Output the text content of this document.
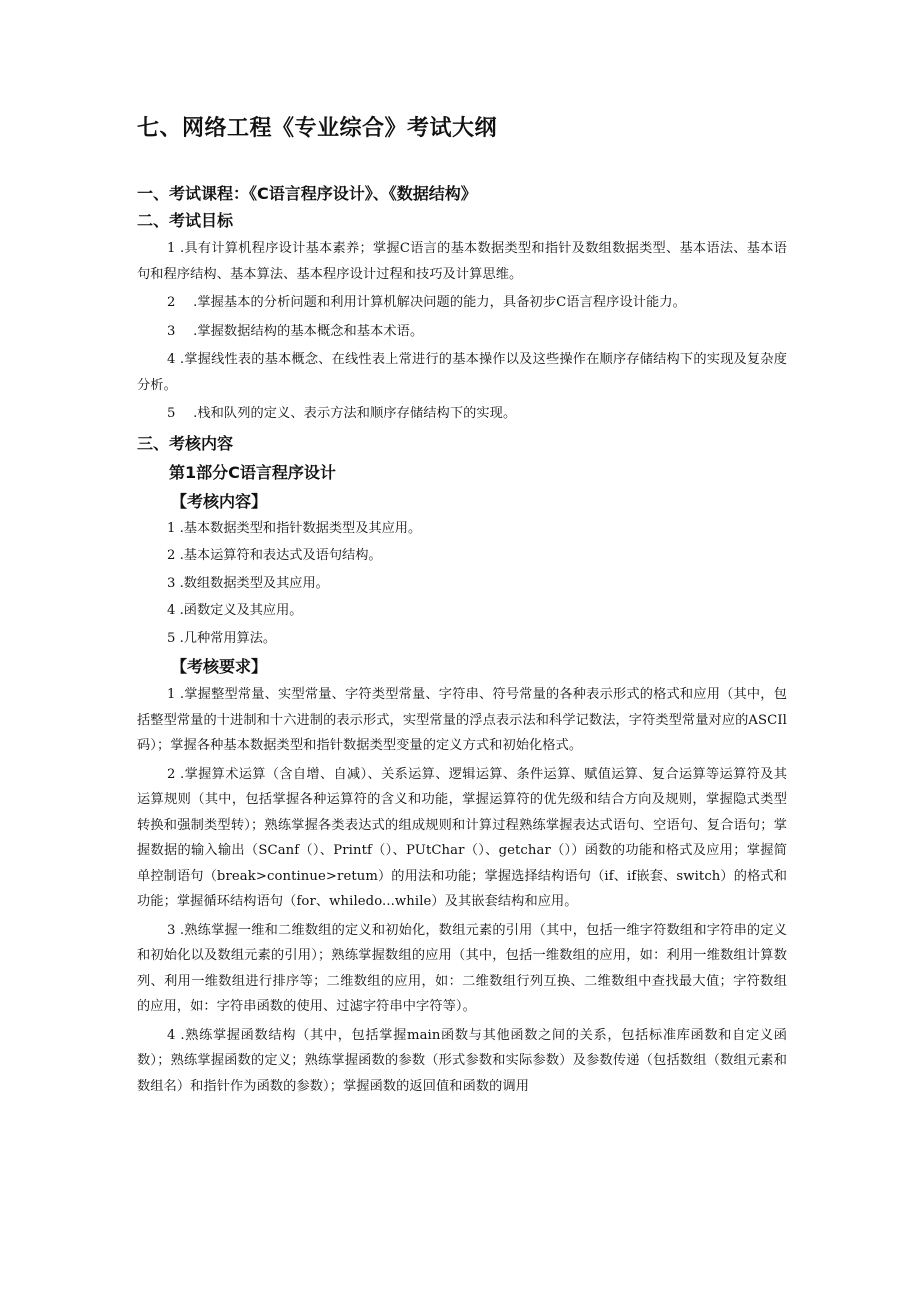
七、网络工程《专业综合》考试大纲

一、考试课程：《C语言程序设计》、《数据结构》

二、考试目标

1 .具有计算机程序设计基本素养；掌握C语言的基本数据类型和指针及数组数据类型、基本语法、基本语句和程序结构、基本算法、基本程序设计过程和技巧及计算思维。

2　 .掌握基本的分析问题和利用计算机解决问题的能力，具备初步C语言程序设计能力。

3　 .掌握数据结构的基本概念和基本术语。

4 .掌握线性表的基本概念、在线性表上常进行的基本操作以及这些操作在顺序存储结构下的实现及复杂度分析。

5　 .栈和队列的定义、表示方法和顺序存储结构下的实现。

三、考核内容

第1部分C语言程序设计

【考核内容】

1 .基本数据类型和指针数据类型及其应用。

2 .基本运算符和表达式及语句结构。

3 .数组数据类型及其应用。

4 .函数定义及其应用。

5 .几种常用算法。

【考核要求】

1 .掌握整型常量、实型常量、字符类型常量、字符串、符号常量的各种表示形式的格式和应用（其中，包括整型常量的十进制和十六进制的表示形式，实型常量的浮点表示法和科学记数法，字符类型常量对应的ASCIl码）；掌握各种基本数据类型和指针数据类型变量的定义方式和初始化格式。

2 .掌握算术运算（含自增、自减）、关系运算、逻辑运算、条件运算、赋值运算、复合运算等运算符及其运算规则（其中，包括掌握各种运算符的含义和功能，掌握运算符的优先级和结合方向及规则，掌握隐式类型转换和强制类型转）；熟练掌握各类表达式的组成规则和计算过程熟练掌握表达式语句、空语句、复合语句；掌握数据的输入输出（SCanf（）、Printf（）、PUtChar（）、getchar（））函数的功能和格式及应用；掌握简单控制语句（break>continue>retum）的用法和功能；掌握选择结构语句（if、if嵌套、switch）的格式和功能；掌握循环结构语句（for、whiledo...while）及其嵌套结构和应用。

3 .熟练掌握一维和二维数组的定义和初始化，数组元素的引用（其中，包括一维字符数组和字符串的定义和初始化以及数组元素的引用）；熟练掌握数组的应用（其中，包括一维数组的应用，如：利用一维数组计算数列、利用一维数组进行排序等；二维数组的应用，如：二维数组行列互换、二维数组中查找最大值；字符数组的应用，如：字符串函数的使用、过滤字符串中字符等）。

4 .熟练掌握函数结构（其中，包括掌握main函数与其他函数之间的关系，包括标准库函数和自定义函数）；熟练掌握函数的定义；熟练掌握函数的参数（形式参数和实际参数）及参数传递（包括数组（数组元素和数组名）和指针作为函数的参数）；掌握函数的返回值和函数的调用
